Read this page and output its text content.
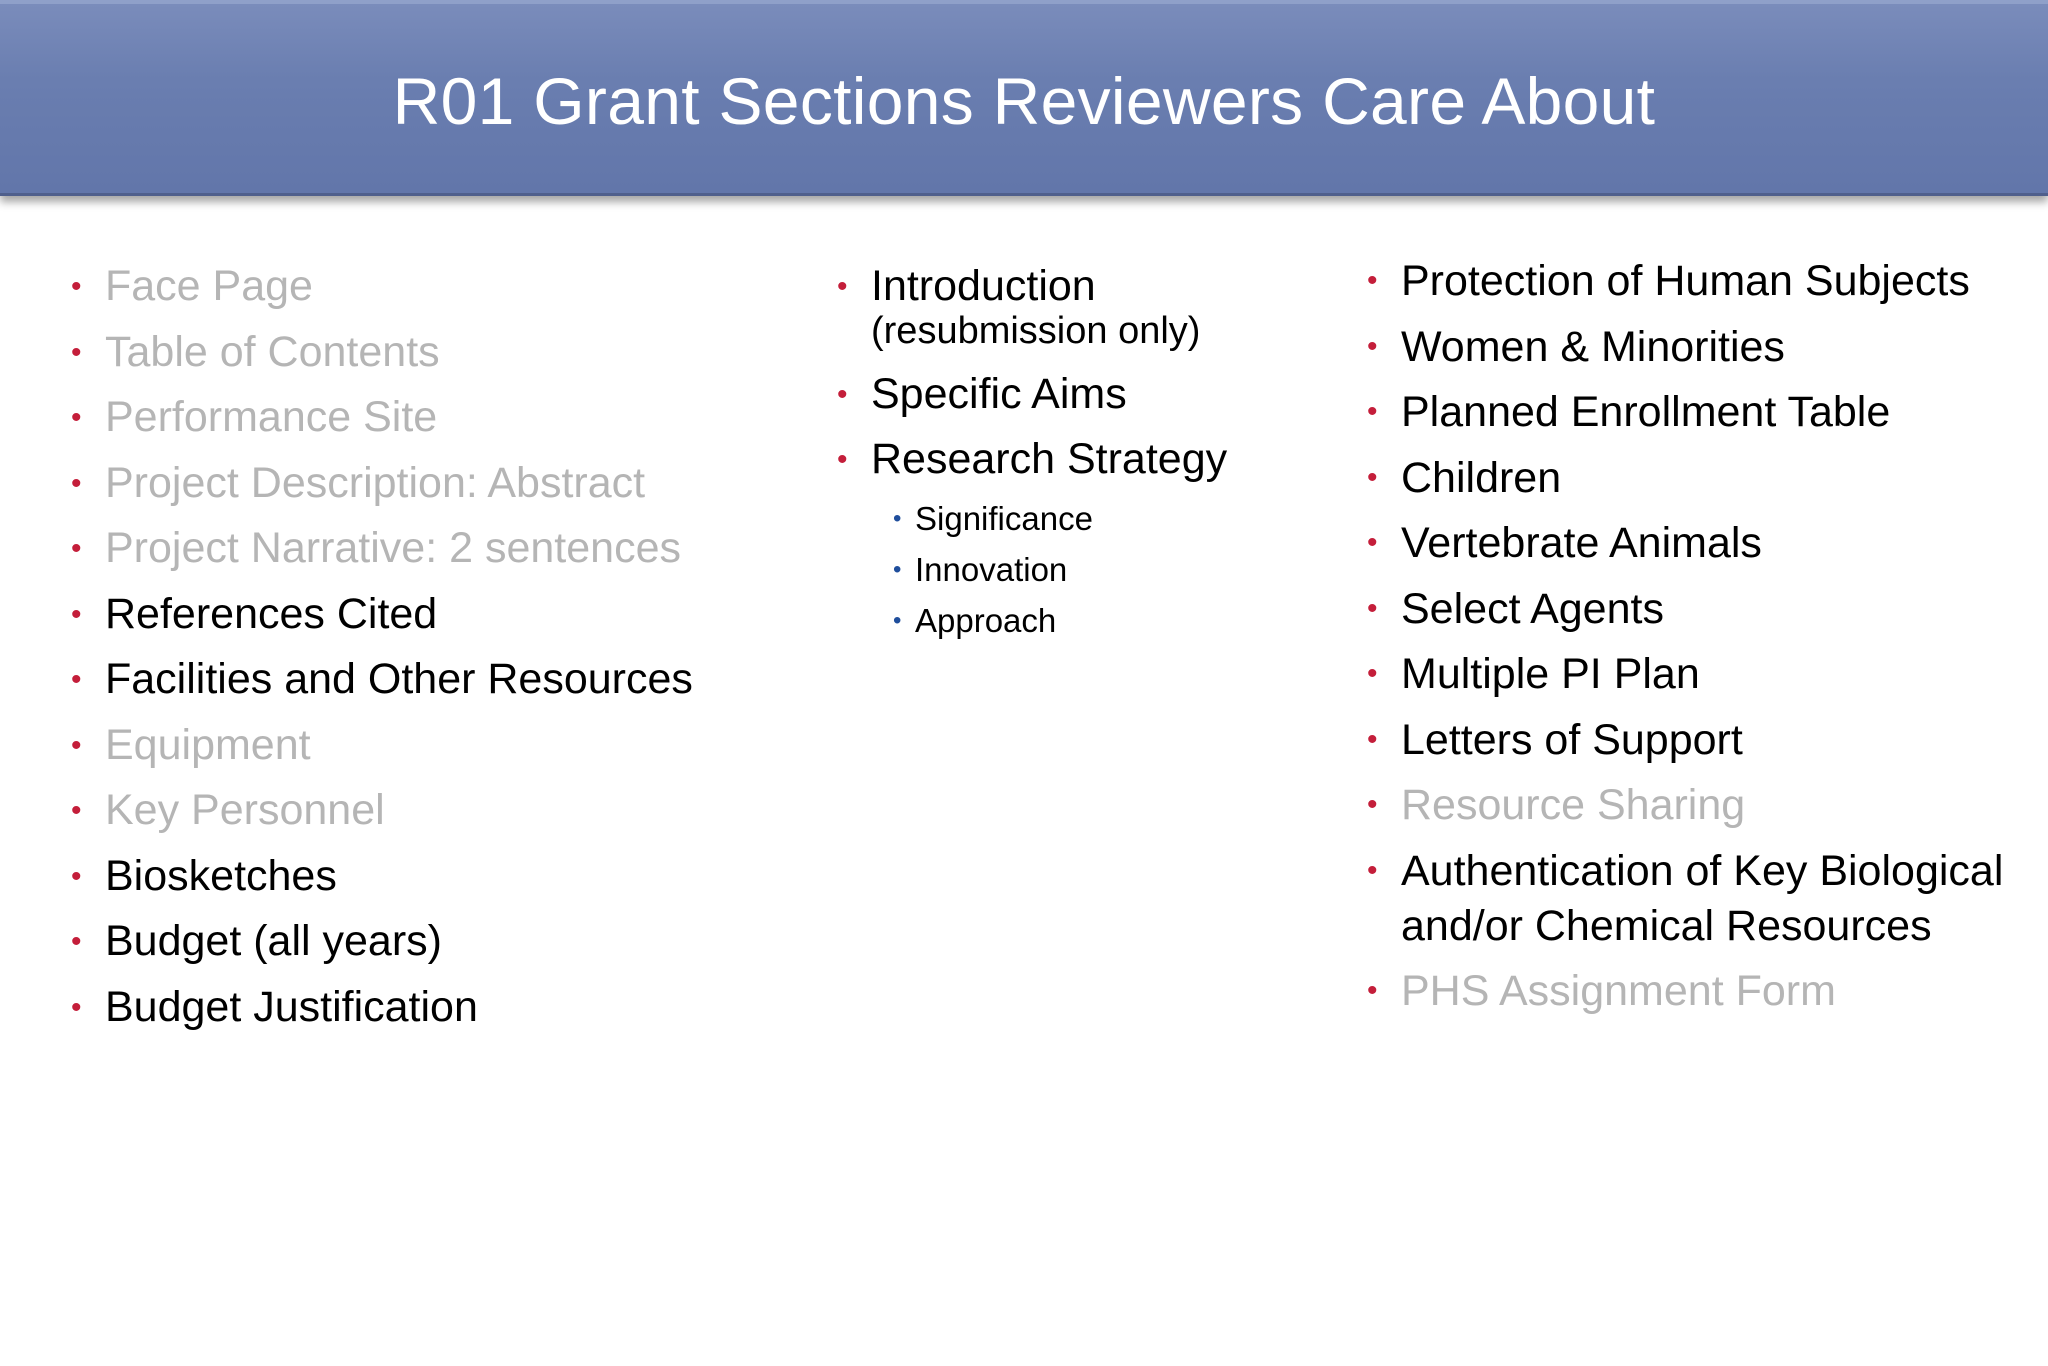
R01 Grant Sections Reviewers Care About
• Face Page
• Table of Contents
• Performance Site
• Project Description: Abstract
• Project Narrative: 2 sentences
• References Cited
• Facilities and Other Resources
• Equipment
• Key Personnel
• Biosketches
• Budget (all years)
• Budget Justification
• Introduction
(resubmission only)
• Specific Aims
• Research Strategy
• Significance
• Innovation
• Approach
• Protection of Human Subjects
• Women & Minorities
• Planned Enrollment Table
• Children
• Vertebrate Animals
• Select Agents
• Multiple PI Plan
• Letters of Support
• Resource Sharing
• Authentication of Key Biological and/or Chemical Resources
• PHS Assignment Form
